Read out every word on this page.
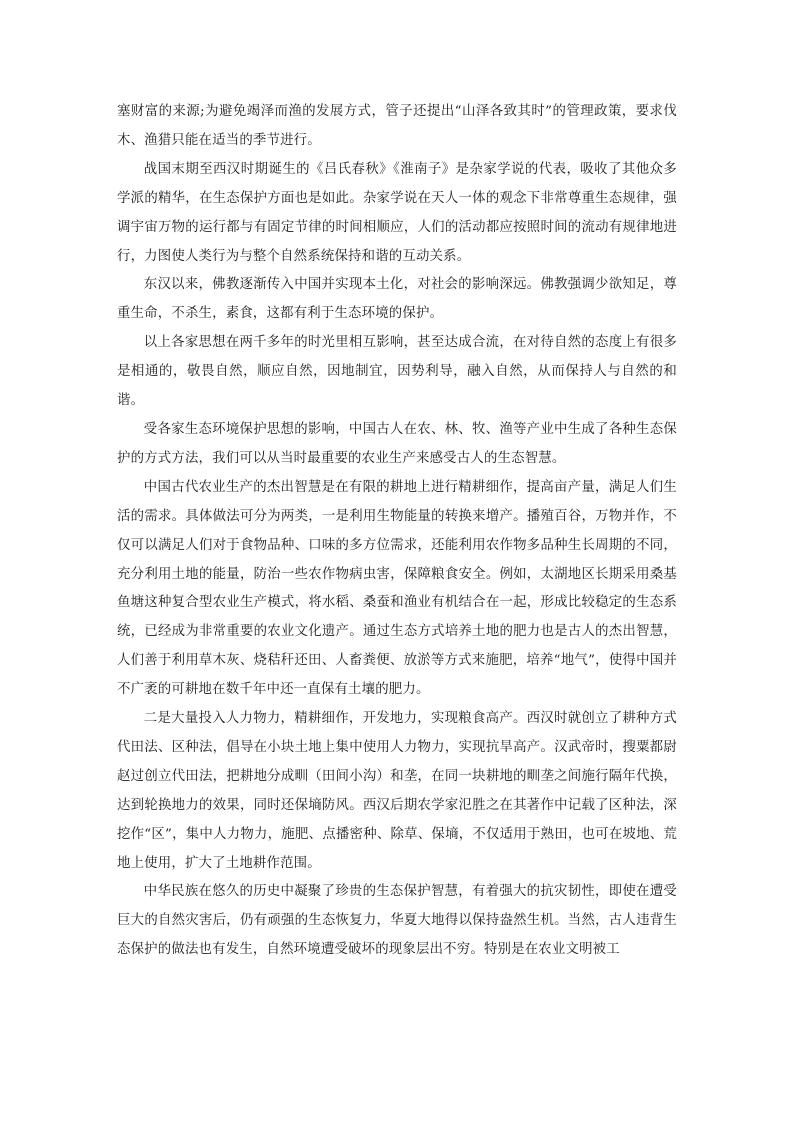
塞财富的来源;为避免竭泽而渔的发展方式，管子还提出“山泽各致其时”的管理政策，要求伐木、渔猎只能在适当的季节进行。

战国末期至西汉时期诞生的《吕氏春秋》《淮南子》是杂家学说的代表，吸收了其他众多学派的精华，在生态保护方面也是如此。杂家学说在天人一体的观念下非常尊重生态规律，强调宇宙万物的运行都与有固定节律的时间相顺应，人们的活动都应按照时间的流动有规律地进行，力图使人类行为与整个自然系统保持和谐的互动关系。

东汉以来，佛教逐渐传入中国并实现本土化，对社会的影响深远。佛教强调少欲知足，尊重生命，不杀生，素食，这都有利于生态环境的保护。

以上各家思想在两千多年的时光里相互影响，甚至达成合流，在对待自然的态度上有很多是相通的，敬畏自然，顺应自然，因地制宜，因势利导，融入自然，从而保持人与自然的和谐。

受各家生态环境保护思想的影响，中国古人在农、林、牧、渔等产业中生成了各种生态保护的方式方法，我们可以从当时最重要的农业生产来感受古人的生态智慧。

中国古代农业生产的杰出智慧是在有限的耕地上进行精耕细作，提高亩产量，满足人们生活的需求。具体做法可分为两类，一是利用生物能量的转换来增产。播殖百谷，万物并作，不仅可以满足人们对于食物品种、口味的多方位需求，还能利用农作物多品种生长周期的不同，充分利用土地的能量，防治一些农作物病虫害，保障粮食安全。例如，太湖地区长期采用桑基鱼塘这种复合型农业生产模式，将水稻、桑蚕和渔业有机结合在一起，形成比较稳定的生态系统，已经成为非常重要的农业文化遗产。通过生态方式培养土地的肥力也是古人的杰出智慧，人们善于利用草木灰、烧秸秆还田、人畜粪便、放淤等方式来施肥，培养“地气”，使得中国并不广袤的可耕地在数千年中还一直保有土壤的肥力。

二是大量投入人力物力，精耕细作，开发地力，实现粮食高产。西汉时就创立了耕种方式代田法、区种法，倡导在小块土地上集中使用人力物力，实现抗旱高产。汉武帝时，搜粟都尉赵过创立代田法，把耕地分成甽（田间小沟）和垄，在同一块耕地的甽垄之间施行隔年代换，达到轮换地力的效果，同时还保墒防风。西汉后期农学家氾胜之在其著作中记载了区种法，深挖作“区”，集中人力物力，施肥、点播密种、除草、保墒，不仅适用于熟田，也可在坡地、荒地上使用，扩大了土地耕作范围。

中华民族在悠久的历史中凝聚了珍贵的生态保护智慧，有着强大的抗灾韧性，即使在遭受巨大的自然灾害后，仍有顽强的生态恢复力，华夏大地得以保持盎然生机。当然，古人违背生态保护的做法也有发生，自然环境遭受破坏的现象层出不穷。特别是在农业文明被工
